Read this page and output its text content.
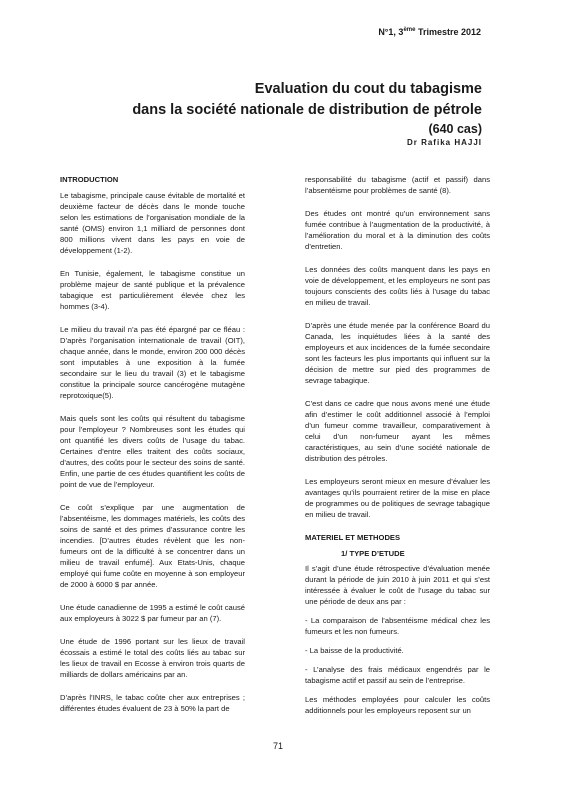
N°1, 3ème Trimestre 2012

Evaluation du cout du tabagisme

dans la société nationale de distribution de pétrole

(640 cas)

Dr Rafika HAJJI
INTRODUCTION

Le tabagisme, principale cause évitable de mortalité et deuxième facteur de décès dans le monde touche selon les estimations de l’organisation mondiale de la santé (OMS) environ 1,1 milliard de personnes dont 800 millions vivent dans les pays en voie de développement (1-2).

En Tunisie, également, le tabagisme constitue un problème majeur de santé publique et la prévalence tabagique est particulièrement élevée chez les hommes (3-4).

Le milieu du travail n’a pas été épargné par ce fléau : D’après l’organisation internationale de travail (OIT), chaque année, dans le monde, environ 200 000 décès sont imputables à une exposition à la fumée secondaire sur le lieu du travail (3) et le tabagisme constitue la principale source cancérogène mutagène reprotoxique(5).

Mais quels sont les coûts qui résultent du tabagisme pour l’employeur ? Nombreuses sont les études qui ont quantifié les divers coûts de l’usage du tabac. Certaines d’entre elles traitent des coûts sociaux, d’autres, des coûts pour le secteur des soins de santé. Enfin, une partie de ces études quantifient les coûts de point de vue de l’employeur.

Ce coût s’explique par une augmentation de l’absentéisme, les dommages matériels, les coûts des soins de santé et des primes d’assurance contre les incendies. [D’autres études révèlent que les non-fumeurs ont de la difficulté à se concentrer dans un milieu de travail enfumé]. Aux Etats-Unis, chaque employé qui fume coûte en moyenne à son employeur de 2000 à 6000 $ par année.

Une étude canadienne de 1995 a estimé le coût causé aux employeurs à 3022 $ par fumeur par an (7).

Une étude de 1996 portant sur les lieux de travail écossais a estimé le total des coûts liés au tabac sur les lieux de travail en Ecosse à environ trois quarts de milliards de dollars américains par an.

D’après l’INRS, le tabac coûte cher aux entreprises ; différentes études évaluent de 23 à 50% la part de

responsabilité du tabagisme (actif et passif) dans l’absentéisme pour problèmes de santé (8).

Des études ont montré qu’un environnement sans fumée contribue à l’augmentation de la productivité, à l’amélioration du moral et à la diminution des coûts d’entretien.

Les données des coûts manquent dans les pays en voie de développement, et les employeurs ne sont pas toujours conscients des coûts liés à l’usage du tabac en milieu de travail.

D’après une étude menée par la conférence Board du Canada, les inquiétudes liées à la santé des employeurs et aux incidences de la fumée secondaire sont les facteurs les plus importants qui influent sur la décision de mettre sur pied des programmes de sevrage tabagique.

C’est dans ce cadre que nous avons mené une étude afin d’estimer le coût additionnel associé à l’emploi d’un fumeur comme travailleur, comparativement à celui d’un non-fumeur ayant les mêmes caractéristiques, au sein d’une société nationale de distribution des pétroles.

Les employeurs seront mieux en mesure d’évaluer les avantages qu’ils pourraient retirer de la mise en place de programmes ou de politiques de sevrage tabagique en milieu de travail.

MATERIEL ET METHODES
1/ TYPE D’ETUDE

Il s’agit d’une étude rétrospective d’évaluation menée durant la période de juin 2010 à juin 2011 et qui s’est intéressée à évaluer le coût de l’usage du tabac sur une période de deux ans par :

- La comparaison de l’absentéisme médical chez les fumeurs et les non fumeurs.

- La baisse de la productivité.

- L’analyse des frais médicaux engendrés par le tabagisme actif et passif au sein de l’entreprise.

Les méthodes employées pour calculer les coûts additionnels pour les employeurs reposent sur un

71
